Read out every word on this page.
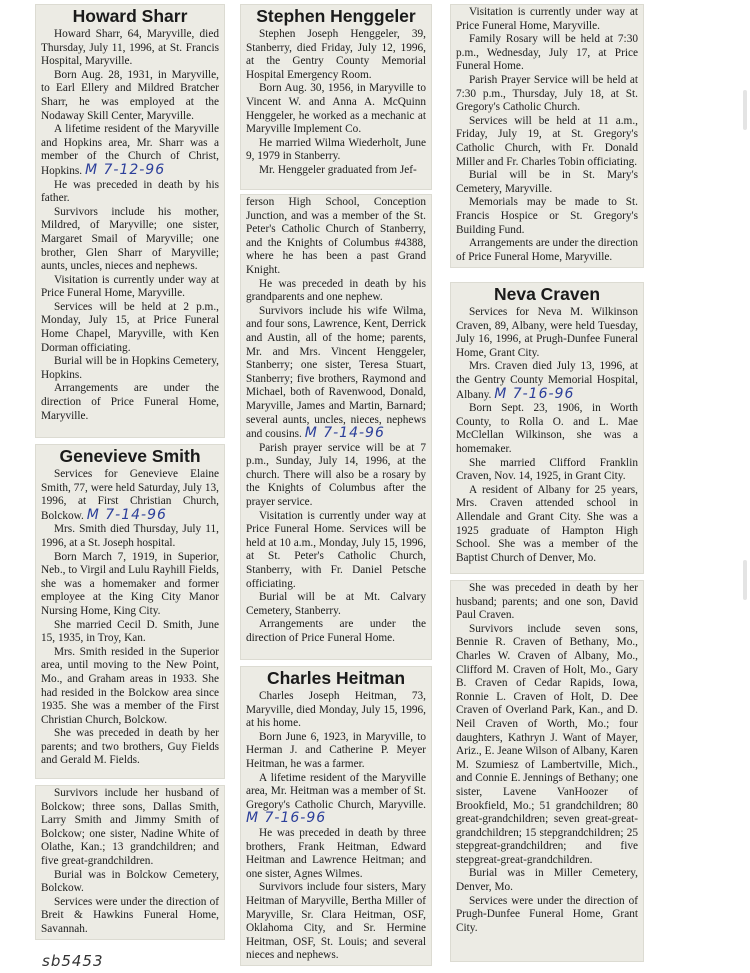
Howard Sharr

Howard Sharr, 64, Maryville, died Thursday, July 11, 1996, at St. Francis Hospital, Maryville.

Born Aug. 28, 1931, in Maryville, to Earl Ellery and Mildred Bratcher Sharr, he was employed at the Nodaway Skill Center, Maryville.

A lifetime resident of the Maryville and Hopkins area, Mr. Sharr was a member of the Church of Christ, Hopkins. M 7-12-96

He was preceded in death by his father.

Survivors include his mother, Mildred, of Maryville; one sister, Margaret Smail of Maryville; one brother, Glen Sharr of Maryville; aunts, uncles, nieces and nephews.

Visitation is currently under way at Price Funeral Home, Maryville.

Services will be held at 2 p.m., Monday, July 15, at Price Funeral Home Chapel, Maryville, with Ken Dorman officiating.

Burial will be in Hopkins Cemetery, Hopkins.

Arrangements are under the direction of Price Funeral Home, Maryville.

Genevieve Smith

Services for Genevieve Elaine Smith, 77, were held Saturday, July 13, 1996, at First Christian Church, Bolckow. M 7-14-96

Mrs. Smith died Thursday, July 11, 1996, at a St. Joseph hospital.

Born March 7, 1919, in Superior, Neb., to Virgil and Lulu Rayhill Fields, she was a homemaker and former employee at the King City Manor Nursing Home, King City.

She married Cecil D. Smith, June 15, 1935, in Troy, Kan.

Mrs. Smith resided in the Superior area, until moving to the New Point, Mo., and Graham areas in 1933. She had resided in the Bolckow area since 1935. She was a member of the First Christian Church, Bolckow.

She was preceded in death by her parents; and two brothers, Guy Fields and Gerald M. Fields.

Survivors include her husband of Bolckow; three sons, Dallas Smith, Larry Smith and Jimmy Smith of Bolckow; one sister, Nadine White of Olathe, Kan.; 13 grandchildren; and five great-grandchildren.

Burial was in Bolckow Cemetery, Bolckow.

Services were under the direction of Breit & Hawkins Funeral Home, Savannah.

Stephen Henggeler

Stephen Joseph Henggeler, 39, Stanberry, died Friday, July 12, 1996, at the Gentry County Memorial Hospital Emergency Room.

Born Aug. 30, 1956, in Maryville to Vincent W. and Anna A. McQuinn Henggeler, he worked as a mechanic at Maryville Implement Co.

He married Wilma Wiederholt, June 9, 1979 in Stanberry.

Mr. Henggeler graduated from Jef-

ferson High School, Conception Junction, and was a member of the St. Peter's Catholic Church of Stanberry, and the Knights of Columbus #4388, where he has been a past Grand Knight.

He was preceded in death by his grandparents and one nephew.

Survivors include his wife Wilma, and four sons, Lawrence, Kent, Derrick and Austin, all of the home; parents, Mr. and Mrs. Vincent Henggeler, Stanberry; one sister, Teresa Stuart, Stanberry; five brothers, Raymond and Michael, both of Ravenwood, Donald, Maryville, James and Martin, Barnard; several aunts, uncles, nieces, nephews and cousins. M 7-14-96

Parish prayer service will be at 7 p.m., Sunday, July 14, 1996, at the church. There will also be a rosary by the Knights of Columbus after the prayer service.

Visitation is currently under way at Price Funeral Home. Services will be held at 10 a.m., Monday, July 15, 1996, at St. Peter's Catholic Church, Stanberry, with Fr. Daniel Petsche officiating.

Burial will be at Mt. Calvary Cemetery, Stanberry.

Arrangements are under the direction of Price Funeral Home.

Charles Heitman

Charles Joseph Heitman, 73, Maryville, died Monday, July 15, 1996, at his home.

Born June 6, 1923, in Maryville, to Herman J. and Catherine P. Meyer Heitman, he was a farmer.

A lifetime resident of the Maryville area, Mr. Heitman was a member of St. Gregory's Catholic Church, Maryville. M 7-16-96

He was preceded in death by three brothers, Frank Heitman, Edward Heitman and Lawrence Heitman; and one sister, Agnes Wilmes.

Survivors include four sisters, Mary Heitman of Maryville, Bertha Miller of Maryville, Sr. Clara Heitman, OSF, Oklahoma City, and Sr. Hermine Heitman, OSF, St. Louis; and several nieces and nephews.

Visitation is currently under way at Price Funeral Home, Maryville.

Family Rosary will be held at 7:30 p.m., Wednesday, July 17, at Price Funeral Home.

Parish Prayer Service will be held at 7:30 p.m., Thursday, July 18, at St. Gregory's Catholic Church.

Services will be held at 11 a.m., Friday, July 19, at St. Gregory's Catholic Church, with Fr. Donald Miller and Fr. Charles Tobin officiating.

Burial will be in St. Mary's Cemetery, Maryville.

Memorials may be made to St. Francis Hospice or St. Gregory's Building Fund.

Arrangements are under the direction of Price Funeral Home, Maryville.

Neva Craven

Services for Neva M. Wilkinson Craven, 89, Albany, were held Tuesday, July 16, 1996, at Prugh-Dunfee Funeral Home, Grant City.

Mrs. Craven died July 13, 1996, at the Gentry County Memorial Hospital, Albany. M 7-16-96

Born Sept. 23, 1906, in Worth County, to Rolla O. and L. Mae McClellan Wilkinson, she was a homemaker.

She married Clifford Franklin Craven, Nov. 14, 1925, in Grant City.

A resident of Albany for 25 years, Mrs. Craven attended school in Allendale and Grant City. She was a 1925 graduate of Hampton High School. She was a member of the Baptist Church of Denver, Mo.

She was preceded in death by her husband; parents; and one son, David Paul Craven.

Survivors include seven sons, Bennie R. Craven of Bethany, Mo., Charles W. Craven of Albany, Mo., Clifford M. Craven of Holt, Mo., Gary B. Craven of Cedar Rapids, Iowa, Ronnie L. Craven of Holt, D. Dee Craven of Overland Park, Kan., and D. Neil Craven of Worth, Mo.; four daughters, Kathryn J. Want of Mayer, Ariz., E. Jeane Wilson of Albany, Karen M. Szumiesz of Lambertville, Mich., and Connie E. Jennings of Bethany; one sister, Lavene VanHoozer of Brookfield, Mo.; 51 grandchildren; 80 great-grandchildren; seven great-great-grandchildren; 15 stepgrandchildren; 25 stepgreat-grandchildren; and five stepgreat-great-grandchildren.

Burial was in Miller Cemetery, Denver, Mo.

Services were under the direction of Prugh-Dunfee Funeral Home, Grant City.

sb5453
